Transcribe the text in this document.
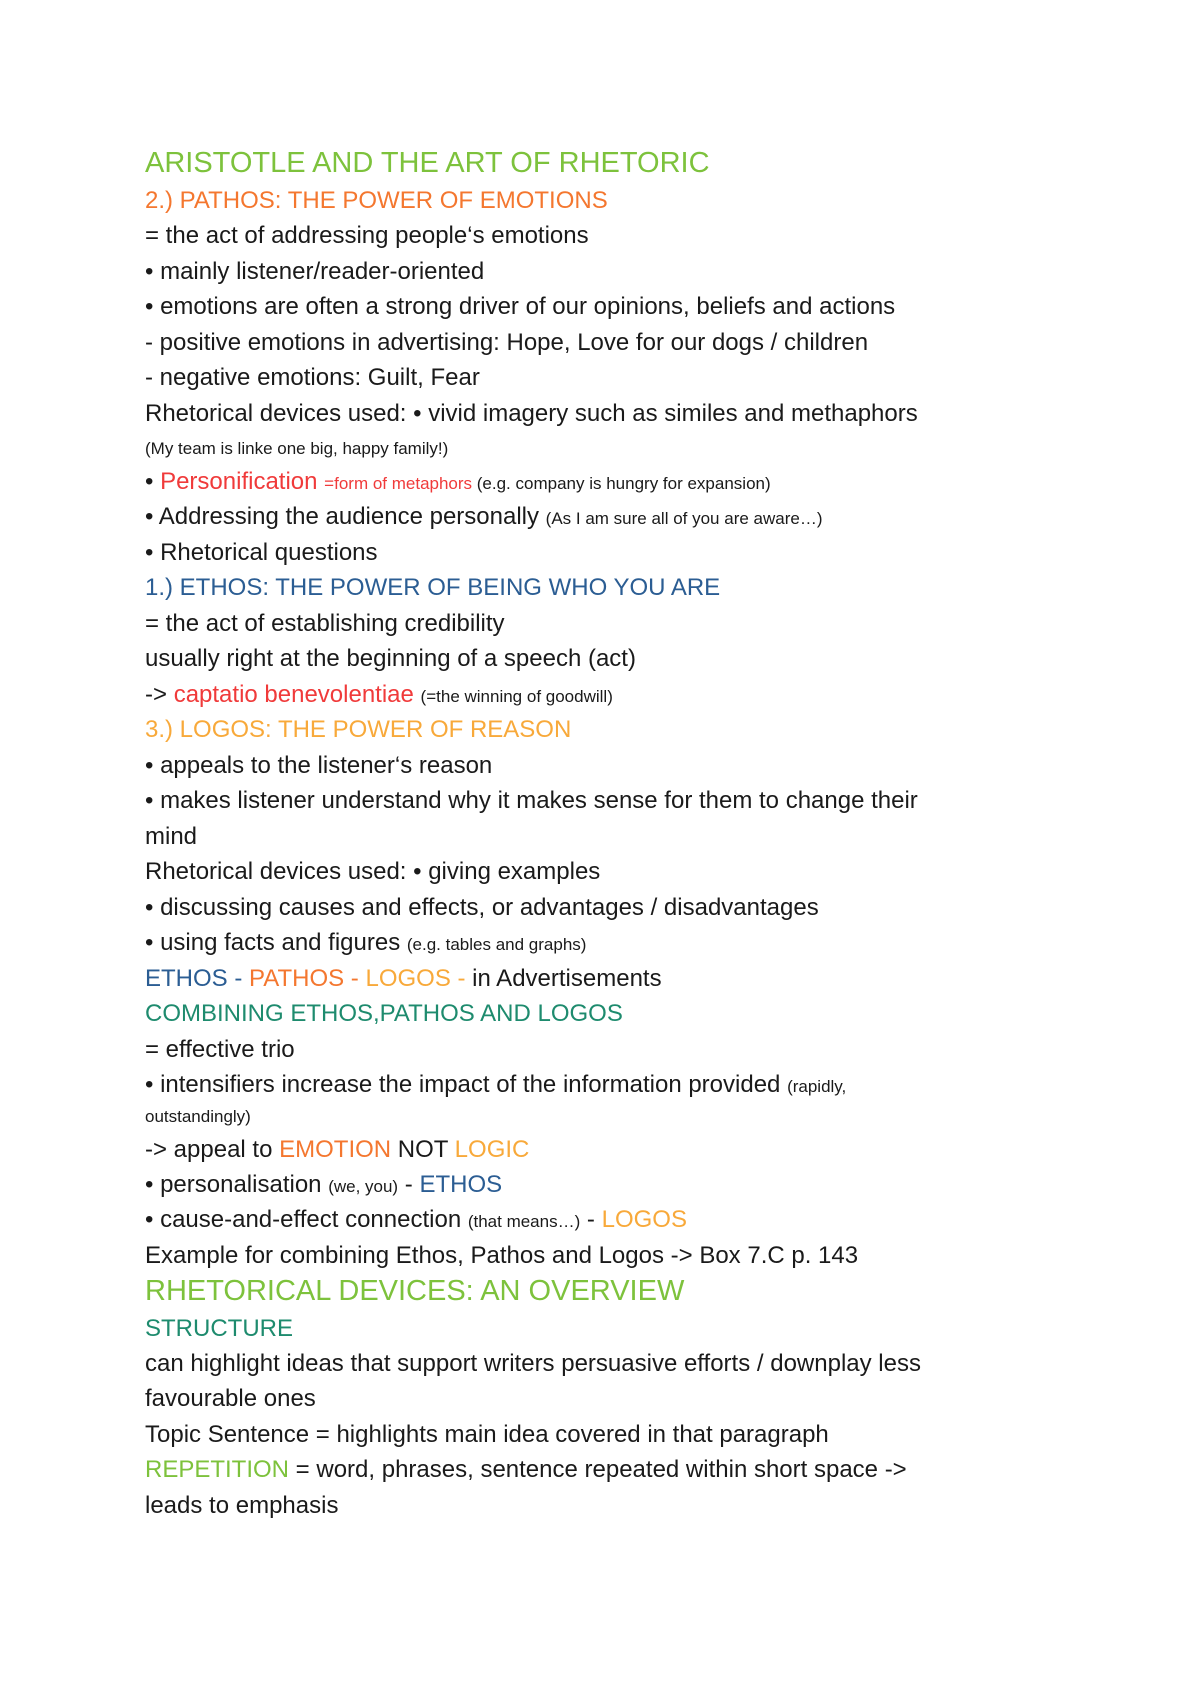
ARISTOTLE AND THE ART OF RHETORIC
2.) PATHOS: THE POWER OF EMOTIONS
= the act of addressing people‘s emotions
• mainly listener/reader-oriented
• emotions are often a strong driver of our opinions, beliefs and actions
- positive emotions in advertising: Hope, Love for our dogs / children
- negative emotions: Guilt, Fear
Rhetorical devices used: • vivid imagery such as similes and methaphors
(My team is linke one big, happy family!)
• Personification =form of metaphors (e.g. company is hungry for expansion)
• Addressing the audience personally (As I am sure all of you are aware…)
• Rhetorical questions
1.) ETHOS: THE POWER OF BEING WHO YOU ARE
= the act of establishing credibility
usually right at the beginning of a speech (act)
-> captatio benevolentiae (=the winning of goodwill)
3.) LOGOS: THE POWER OF REASON
• appeals to the listener‘s reason
• makes listener understand why it makes sense for them to change their
mind
Rhetorical devices used: • giving examples
• discussing causes and effects, or advantages / disadvantages
• using facts and figures (e.g. tables and graphs)
ETHOS - PATHOS - LOGOS - in Advertisements
COMBINING ETHOS,PATHOS AND LOGOS
= effective trio
• intensifiers increase the impact of the information provided (rapidly,
outstandingly)
-> appeal to EMOTION NOT LOGIC
• personalisation (we, you) - ETHOS
• cause-and-effect connection (that means…) - LOGOS
Example for combining Ethos, Pathos and Logos -> Box 7.C p. 143
RHETORICAL DEVICES: AN OVERVIEW
STRUCTURE
can highlight ideas that support writers persuasive efforts / downplay less
favourable ones
Topic Sentence = highlights main idea covered in that paragraph
REPETITION = word, phrases, sentence repeated within short space ->
leads to emphasis
